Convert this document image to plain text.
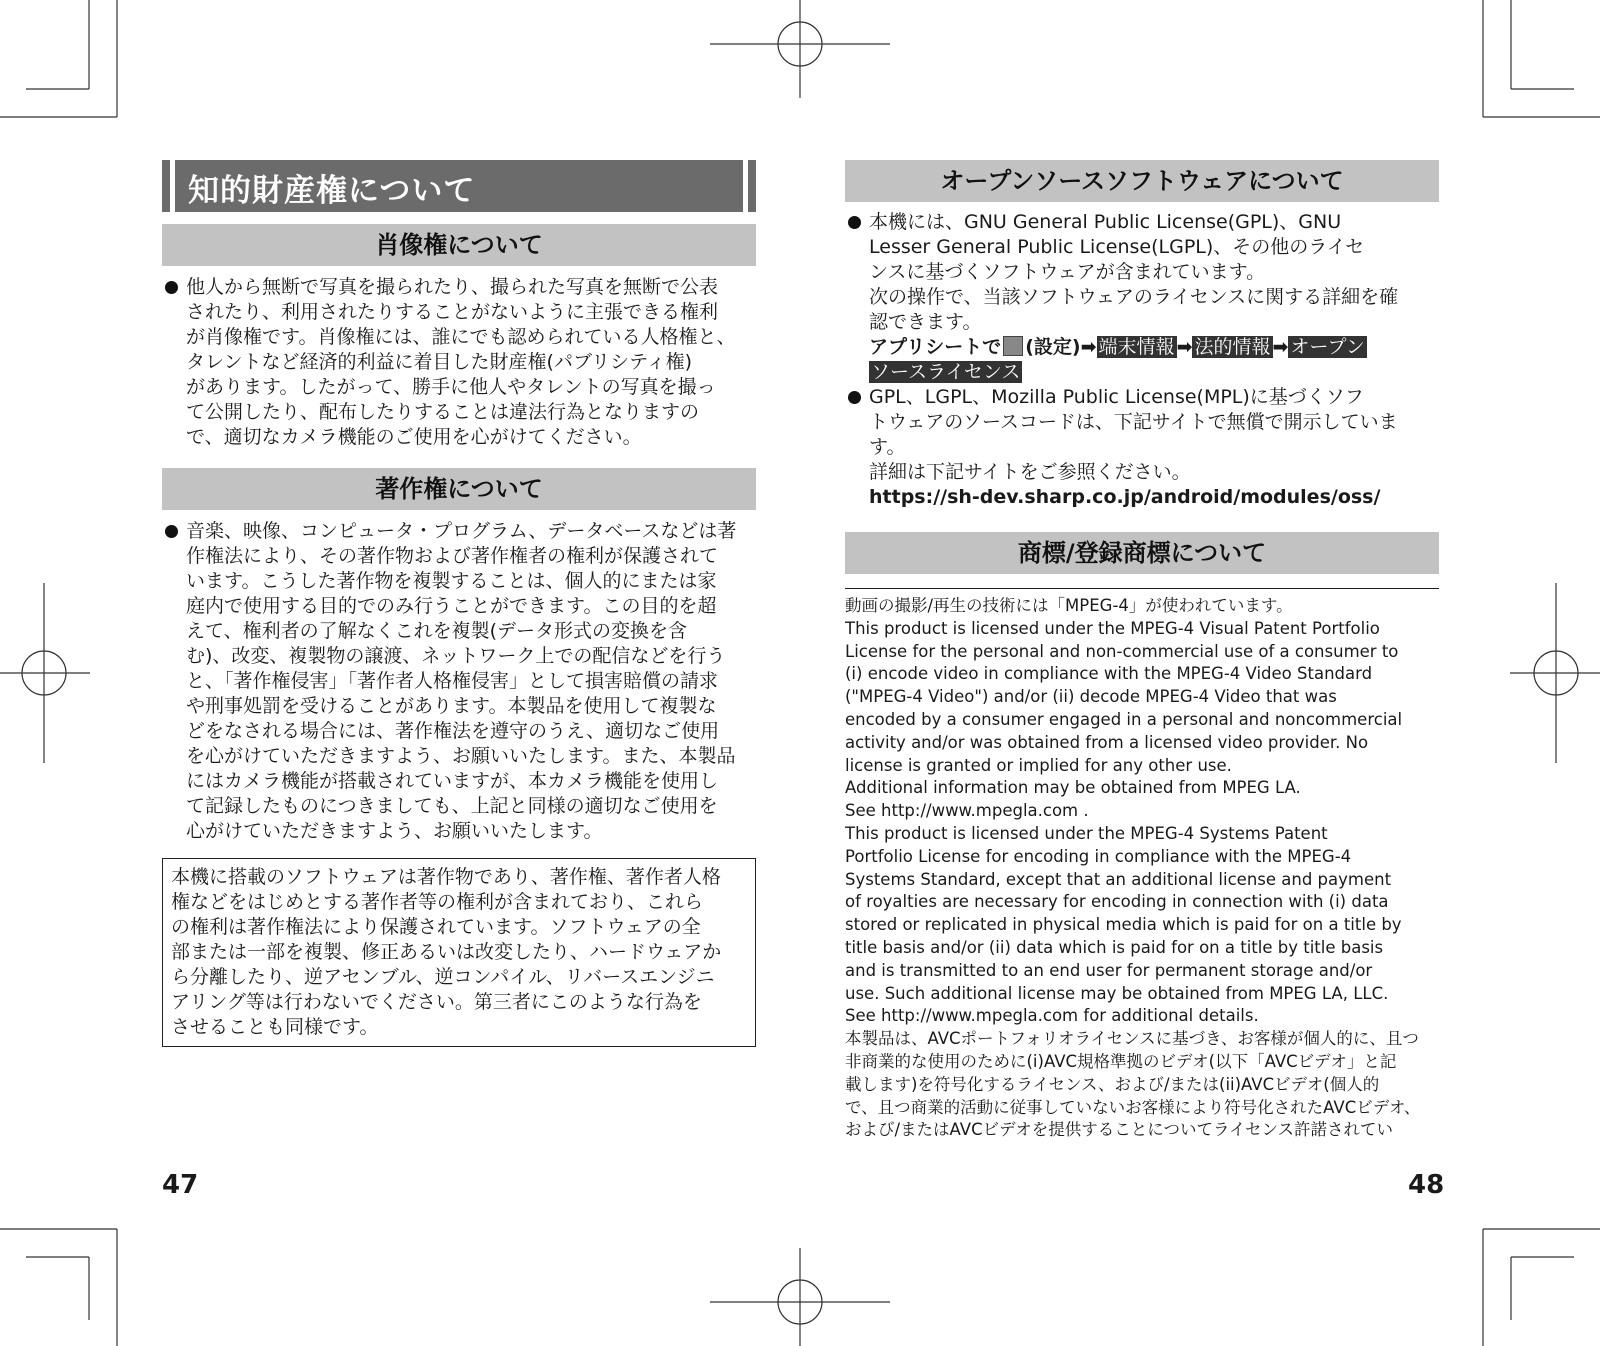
知的財産権について
肖像権について
他人から無断で写真を撮られたり、撮られた写真を無断で公表
されたり、利用されたりすることがないように主張できる権利
が肖像権です。肖像権には、誰にでも認められている人格権と、
タレントなど経済的利益に着目した財産権(パブリシティ権)
があります。したがって、勝手に他人やタレントの写真を撮っ
て公開したり、配布したりすることは違法行為となりますの
で、適切なカメラ機能のご使用を心がけてください。
著作権について
音楽、映像、コンピュータ・プログラム、データベースなどは著
作権法により、その著作物および著作権者の権利が保護されて
います。こうした著作物を複製することは、個人的にまたは家
庭内で使用する目的でのみ行うことができます。この目的を超
えて、権利者の了解なくこれを複製(データ形式の変換を含
む)、改変、複製物の譲渡、ネットワーク上での配信などを行う
と、「著作権侵害」「著作者人格権侵害」として損害賠償の請求
や刑事処罰を受けることがあります。本製品を使用して複製な
どをなされる場合には、著作権法を遵守のうえ、適切なご使用
を心がけていただきますよう、お願いいたします。また、本製品
にはカメラ機能が搭載されていますが、本カメラ機能を使用し
て記録したものにつきましても、上記と同様の適切なご使用を
心がけていただきますよう、お願いいたします。
本機に搭載のソフトウェアは著作物であり、著作権、著作者人格
権などをはじめとする著作者等の権利が含まれており、これら
の権利は著作権法により保護されています。ソフトウェアの全
部または一部を複製、修正あるいは改変したり、ハードウェアか
ら分離したり、逆アセンブル、逆コンパイル、リバースエンジニ
アリング等は行わないでください。第三者にこのような行為を
させることも同様です。
47
オープンソースソフトウェアについて
本機には、GNU General Public License(GPL)、GNU
Lesser General Public License(LGPL)、その他のライセ
ンスに基づくソフトウェアが含まれています。
次の操作で、当該ソフトウェアのライセンスに関する詳細を確
認できます。
アプリシートで (設定)➡ 端末情報 ➡ 法的情報 ➡ オープン
ソースライセンス
GPL、LGPL、Mozilla Public License(MPL)に基づくソフ
トウェアのソースコードは、下記サイトで無償で開示していま
す。
詳細は下記サイトをご参照ください。
https://sh-dev.sharp.co.jp/android/modules/oss/
商標/登録商標について
動画の撮影/再生の技術には「MPEG-4」が使われています。
This product is licensed under the MPEG-4 Visual Patent Portfolio
License for the personal and non-commercial use of a consumer to
(i) encode video in compliance with the MPEG-4 Video Standard
("MPEG-4 Video") and/or (ii) decode MPEG-4 Video that was
encoded by a consumer engaged in a personal and noncommercial
activity and/or was obtained from a licensed video provider. No
license is granted or implied for any other use.
Additional information may be obtained from MPEG LA.
See http://www.mpegla.com .
This product is licensed under the MPEG-4 Systems Patent
Portfolio License for encoding in compliance with the MPEG-4
Systems Standard, except that an additional license and payment
of royalties are necessary for encoding in connection with (i) data
stored or replicated in physical media which is paid for on a title by
title basis and/or (ii) data which is paid for on a title by title basis
and is transmitted to an end user for permanent storage and/or
use. Such additional license may be obtained from MPEG LA, LLC.
See http://www.mpegla.com for additional details.
本製品は、AVCポートフォリオライセンスに基づき、お客様が個人的に、且つ
非商業的な使用のために(i)AVC規格準拠のビデオ(以下「AVCビデオ」と記
載します)を符号化するライセンス、および/または(ii)AVCビデオ(個人的
で、且つ商業的活動に従事していないお客様により符号化されたAVCビデオ、
および/またはAVCビデオを提供することについてライセンス許諾されてい
48
